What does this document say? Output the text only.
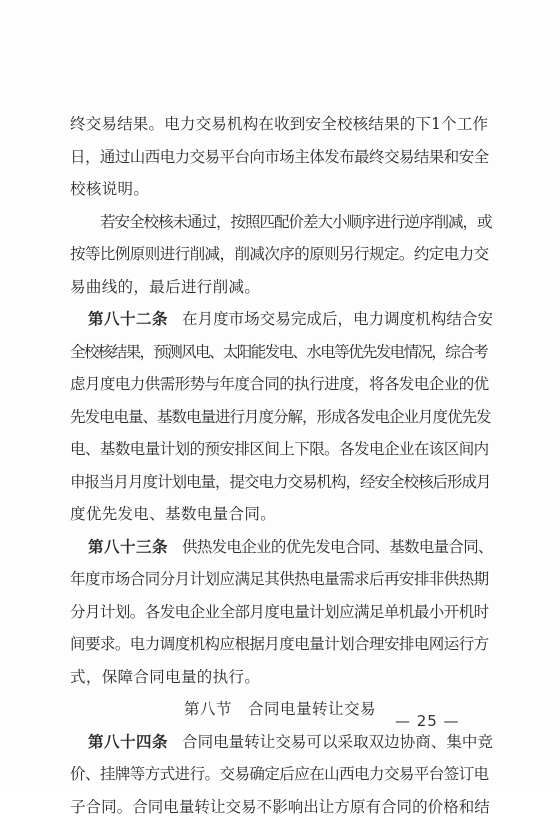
— 25 —
终交易结果。电力交易机构在收到安全校核结果的下1个工作
日，通过山西电力交易平台向市场主体发布最终交易结果和安全
校核说明。
若安全校核未通过，按照匹配价差大小顺序进行逆序削减，或
按等比例原则进行削减，削减次序的原则另行规定。约定电力交
易曲线的，最后进行削减。
第八十二条 在月度市场交易完成后，电力调度机构结合安
全校核结果，预测风电、太阳能发电、水电等优先发电情况，综合考
虑月度电力供需形势与年度合同的执行进度，将各发电企业的优
先发电电量、基数电量进行月度分解，形成各发电企业月度优先发
电、基数电量计划的预安排区间上下限。各发电企业在该区间内
申报当月月度计划电量，提交电力交易机构，经安全校核后形成月
度优先发电、基数电量合同。
第八十三条 供热发电企业的优先发电合同、基数电量合同、
年度市场合同分月计划应满足其供热电量需求后再安排非供热期
分月计划。各发电企业全部月度电量计划应满足单机最小开机时
间要求。电力调度机构应根据月度电量计划合理安排电网运行方
式，保障合同电量的执行。
第八节 合同电量转让交易
第八十四条 合同电量转让交易可以采取双边协商、集中竞
价、挂牌等方式进行。交易确定后应在山西电力交易平台签订电
子合同。合同电量转让交易不影响出让方原有合同的价格和结
